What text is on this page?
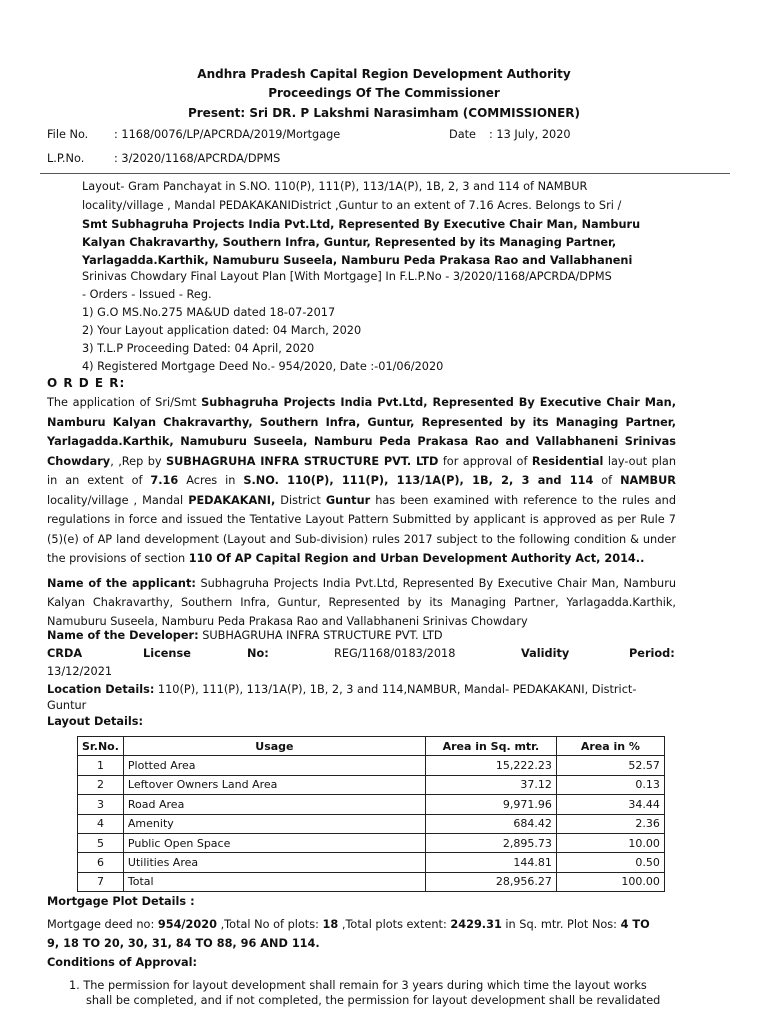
Andhra Pradesh Capital Region Development Authority
Proceedings Of The Commissioner
Present: Sri DR. P Lakshmi Narasimham (COMMISSIONER)
File No. : 1168/0076/LP/APCRDA/2019/Mortgage	Date : 13 July, 2020
L.P.No.	: 3/2020/1168/APCRDA/DPMS
Layout- Gram Panchayat in S.NO. 110(P), 111(P), 113/1A(P), 1B, 2, 3 and 114 of NAMBUR
locality/village , Mandal PEDAKAKANIDistrict ,Guntur to an extent of 7.16 Acres. Belongs to Sri /
Smt Subhagruha Projects India Pvt.Ltd, Represented By Executive Chair Man, Namburu
Kalyan Chakravarthy, Southern Infra, Guntur, Represented by its Managing Partner,
Yarlagadda.Karthik, Namuburu Suseela, Namburu Peda Prakasa Rao and Vallabhaneni
Srinivas Chowdary Final Layout Plan [With Mortgage] In F.L.P.No - 3/2020/1168/APCRDA/DPMS
- Orders - Issued - Reg.
1) G.O MS.No.275 MA&UD dated 18-07-2017
2) Your Layout application dated: 04 March, 2020
3) T.L.P Proceeding Dated: 04 April, 2020
4) Registered Mortgage Deed No.- 954/2020, Date :-01/06/2020
O R D E R:
The application of Sri/Smt Subhagruha Projects India Pvt.Ltd, Represented By Executive Chair Man, Namburu Kalyan Chakravarthy, Southern Infra, Guntur, Represented by its Managing Partner, Yarlagadda.Karthik, Namuburu Suseela, Namburu Peda Prakasa Rao and Vallabhaneni Srinivas Chowdary, ,Rep by SUBHAGRUHA INFRA STRUCTURE PVT. LTD for approval of Residential lay-out plan in an extent of 7.16 Acres in S.NO. 110(P), 111(P), 113/1A(P), 1B, 2, 3 and 114 of NAMBUR locality/village , Mandal PEDAKAKANI, District Guntur has been examined with reference to the rules and regulations in force and issued the Tentative Layout Pattern Submitted by applicant is approved as per Rule 7 (5)(e) of AP land development (Layout and Sub-division) rules 2017 subject to the following condition & under the provisions of section 110 Of AP Capital Region and Urban Development Authority Act, 2014..
Name of the applicant: Subhagruha Projects India Pvt.Ltd, Represented By Executive Chair Man, Namburu Kalyan Chakravarthy, Southern Infra, Guntur, Represented by its Managing Partner, Yarlagadda.Karthik, Namuburu Suseela, Namburu Peda Prakasa Rao and Vallabhaneni Srinivas Chowdary
Name of the Developer: SUBHAGRUHA INFRA STRUCTURE PVT. LTD
CRDA	License	No:	REG/1168/0183/2018	Validity	Period:
13/12/2021
Location Details: 110(P), 111(P), 113/1A(P), 1B, 2, 3 and 114,NAMBUR, Mandal- PEDAKAKANI, District-
Guntur
Layout Details:
Sr.No.	Usage	Area in Sq. mtr.	Area in %
1	Plotted Area	15,222.23	52.57
2	Leftover Owners Land Area	37.12	0.13
3	Road Area	9,971.96	34.44
4	Amenity	684.42	2.36
5	Public Open Space	2,895.73	10.00
6	Utilities Area	144.81	0.50
7	Total	28,956.27	100.00
Mortgage Plot Details :
Mortgage deed no: 954/2020 ,Total No of plots: 18 ,Total plots extent: 2429.31 in Sq. mtr. Plot Nos: 4 TO
9, 18 TO 20, 30, 31, 84 TO 88, 96 AND 114.
Conditions of Approval:
1. The permission for layout development shall remain for 3 years during which time the layout works
shall be completed, and if not completed, the permission for layout development shall be revalidated
